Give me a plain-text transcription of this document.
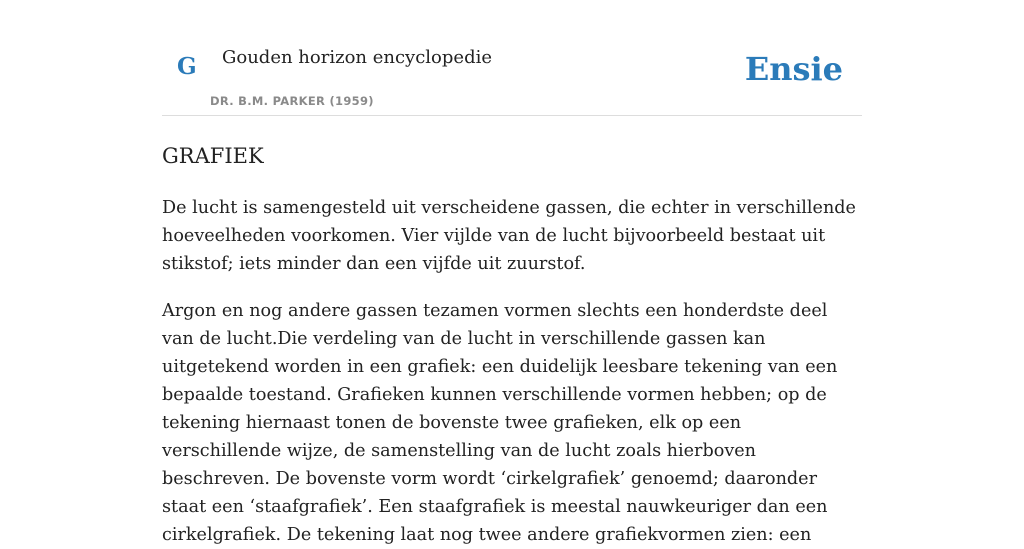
G Gouden horizon encyclopedie
DR. B.M. PARKER (1959)
Ensie
GRAFIEK

De lucht is samengesteld uit verscheidene gassen, die echter in verschillende hoeveelheden voorkomen. Vier vijlde van de lucht bijvoorbeeld bestaat uit stikstof; iets minder dan een vijfde uit zuurstof.

Argon en nog andere gassen tezamen vormen slechts een honderdste deel van de lucht.Die verdeling van de lucht in verschillende gassen kan uitgetekend worden in een grafiek: een duidelijk leesbare tekening van een bepaalde toestand. Grafieken kunnen verschillende vormen hebben; op de tekening hiernaast tonen de bovenste twee grafieken, elk op een verschillende wijze, de samenstelling van de lucht zoals hierboven beschreven. De bovenste vorm wordt ‘cirkelgrafiek’ genoemd; daaronder staat een ‘staafgrafiek’. Een staafgrafiek is meestal nauwkeuriger dan een cirkelgrafiek. De tekening laat nog twee andere grafiekvormen zien: een
